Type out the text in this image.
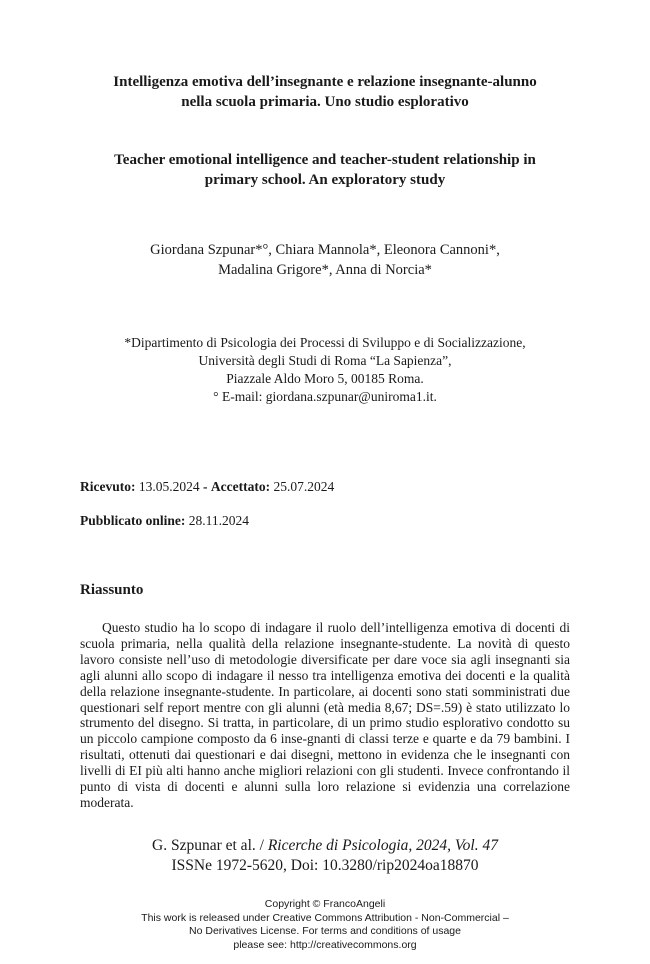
Intelligenza emotiva dell’insegnante e relazione insegnante-alunno
nella scuola primaria. Uno studio esplorativo
Teacher emotional intelligence and teacher-student relationship in
primary school. An exploratory study
Giordana Szpunar*°, Chiara Mannola*, Eleonora Cannoni*,
Madalina Grigore*, Anna di Norcia*
*Dipartimento di Psicologia dei Processi di Sviluppo e di Socializzazione,
Università degli Studi di Roma “La Sapienza”,
Piazzale Aldo Moro 5, 00185 Roma.
° E-mail: giordana.szpunar@uniroma1.it.
Ricevuto: 13.05.2024 - Accettato: 25.07.2024
Pubblicato online: 28.11.2024
Riassunto
Questo studio ha lo scopo di indagare il ruolo dell’intelligenza emotiva di docenti di scuola primaria, nella qualità della relazione insegnante-studente. La novità di questo lavoro consiste nell’uso di metodologie diversificate per dare voce sia agli insegnanti sia agli alunni allo scopo di indagare il nesso tra intelligenza emotiva dei docenti e la qualità della relazione insegnante-studente. In particolare, ai docenti sono stati somministrati due questionari self report mentre con gli alunni (età media 8,67; DS=.59) è stato utilizzato lo strumento del disegno. Si tratta, in particolare, di un primo studio esplorativo condotto su un piccolo campione composto da 6 inse-gnanti di classi terze e quarte e da 79 bambini. I risultati, ottenuti dai questionari e dai disegni, mettono in evidenza che le insegnanti con livelli di EI più alti hanno anche migliori relazioni con gli studenti. Invece confrontando il punto di vista di docenti e alunni sulla loro relazione si evidenzia una correlazione moderata.
G. Szpunar et al. / Ricerche di Psicologia, 2024, Vol. 47
ISSNe 1972-5620, Doi: 10.3280/rip2024oa18870
Copyright © FrancoAngeli
This work is released under Creative Commons Attribution - Non-Commercial –
No Derivatives License. For terms and conditions of usage
please see: http://creativecommons.org
